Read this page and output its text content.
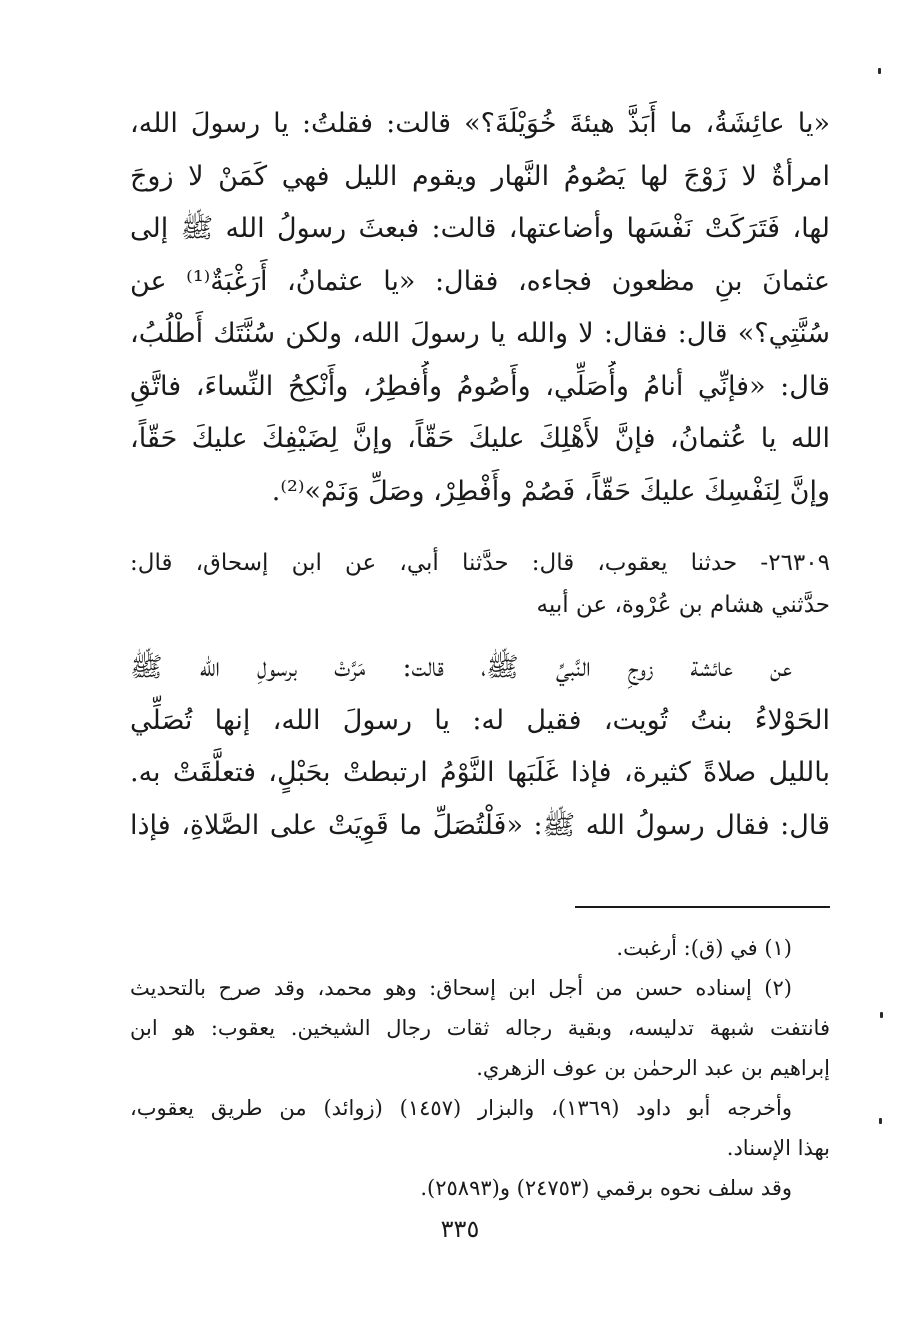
«يا عائِشَةُ، ما أَبَذَّ هيئةَ خُوَيْلَةَ؟» قالت: فقلتُ: يا رسولَ الله،
امرأةٌ لا زَوْجَ لها يَصُومُ النَّهار ويقوم الليل فهي كَمَنْ لا زوجَ
لها، فَتَرَكَتْ نَفْسَها وأضاعتها، قالت: فبعثَ رسولُ الله ﷺ إلى
عثمانَ بنِ مظعون فجاءه، فقال: «يا عثمانُ، أَرَغْبَةٌ⁽¹⁾ عن
سُنَّتِي؟» قال: فقال: لا والله يا رسولَ الله، ولكن سُنَّتَك أَطْلُبُ،
قال: «فإنِّي أنامُ وأُصَلِّي، وأَصُومُ وأُفطِرُ، وأَنْكِحُ النِّساءَ، فاتَّقِ
الله يا عُثمانُ، فإنَّ لأَهْلِكَ عليكَ حَقّاً، وإنَّ لِضَيْفِكَ عليكَ حَقّاً،
وإنَّ لِنَفْسِكَ عليكَ حَقّاً، فَصُمْ وأَفْطِرْ، وصَلِّ وَنَمْ»⁽²⁾.
٢٦٣٠٩- حدثنا يعقوب، قال: حدَّثنا أبي، عن ابن إسحاق، قال:
حدَّثني هشام بن عُرْوة، عن أبيه
عن عائشة زوجِ النَّبيِّ ﷺ، قالت: مَرَّتْ برسولِ الله ﷺ
الحَوْلاءُ بنتُ تُويت، فقيل له: يا رسولَ الله، إنها تُصَلِّي
بالليل صلاةً كثيرة، فإذا غَلَبَها النَّوْمُ ارتبطتْ بحَبْلٍ، فتعلَّقَتْ به.
قال: فقال رسولُ الله ﷺ: «فَلْتُصَلِّ ما قَوِيَتْ على الصَّلاةِ، فإذا
(١) في (ق): أرغبت.
(٢) إسناده حسن من أجل ابن إسحاق: وهو محمد، وقد صرح بالتحديث
فانتفت شبهة تدليسه، وبقية رجاله ثقات رجال الشيخين. يعقوب: هو ابن
إبراهيم بن عبد الرحمٰن بن عوف الزهري.
وأخرجه أبو داود (١٣٦٩)، والبزار (١٤٥٧) (زوائد) من طريق يعقوب،
بهذا الإسناد.
وقد سلف نحوه برقمي (٢٤٧٥٣) و(٢٥٨٩٣).
٣٣٥
